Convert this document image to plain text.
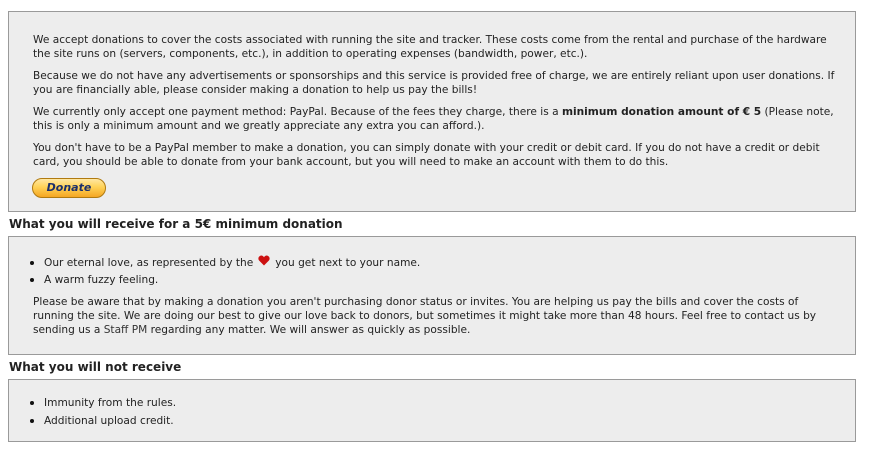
We accept donations to cover the costs associated with running the site and tracker. These costs come from the rental and purchase of the hardware the site runs on (servers, components, etc.), in addition to operating expenses (bandwidth, power, etc.).

Because we do not have any advertisements or sponsorships and this service is provided free of charge, we are entirely reliant upon user donations. If you are financially able, please consider making a donation to help us pay the bills!

We currently only accept one payment method: PayPal. Because of the fees they charge, there is a minimum donation amount of € 5 (Please note, this is only a minimum amount and we greatly appreciate any extra you can afford.).

You don't have to be a PayPal member to make a donation, you can simply donate with your credit or debit card. If you do not have a credit or debit card, you should be able to donate from your bank account, but you will need to make an account with them to do this.

Donate
What you will receive for a 5€ minimum donation
Our eternal love, as represented by the you get next to your name.
A warm fuzzy feeling.

Please be aware that by making a donation you aren't purchasing donor status or invites. You are helping us pay the bills and cover the costs of running the site. We are doing our best to give our love back to donors, but sometimes it might take more than 48 hours. Feel free to contact us by sending us a Staff PM regarding any matter. We will answer as quickly as possible.

What you will not receive
Immunity from the rules.
Additional upload credit.
